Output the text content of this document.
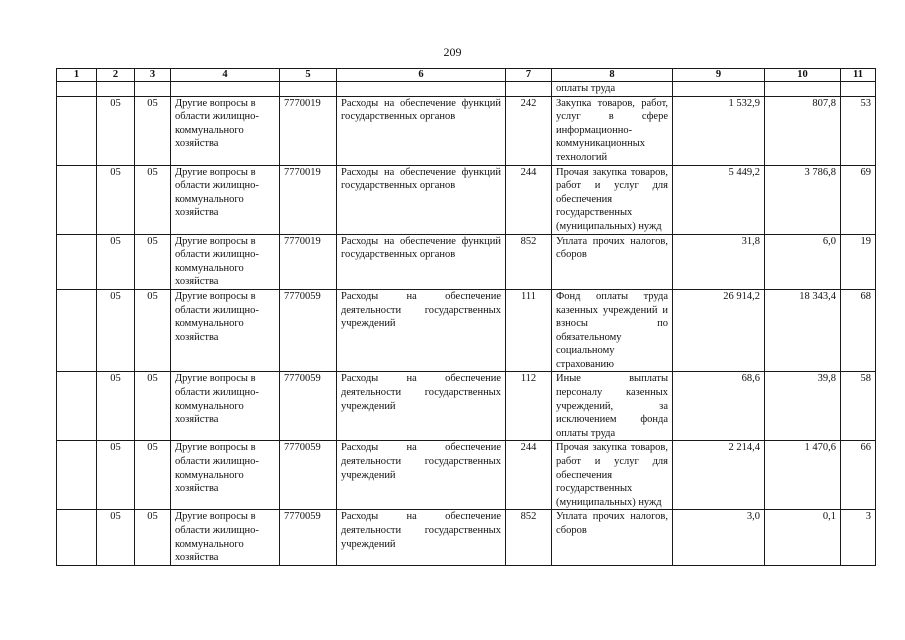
209
1	2	3	4	5	6	7	8	9	10	11
							оплаты труда			
	05	05	Другие вопросы в области жилищно-коммунального хозяйства	7770019	Расходы на обеспечение функций государственных органов	242	Закупка товаров, работ, услуг в сфере информационно-коммуникационных технологий	1 532,9	807,8	53
	05	05	Другие вопросы в области жилищно-коммунального хозяйства	7770019	Расходы на обеспечение функций государственных органов	244	Прочая закупка товаров, работ и услуг для обеспечения государственных (муниципальных) нужд	5 449,2	3 786,8	69
	05	05	Другие вопросы в области жилищно-коммунального хозяйства	7770019	Расходы на обеспечение функций государственных органов	852	Уплата прочих налогов, сборов	31,8	6,0	19
	05	05	Другие вопросы в области жилищно-коммунального хозяйства	7770059	Расходы на обеспечение деятельности государственных учреждений	111	Фонд оплаты труда казенных учреждений и взносы по обязательному социальному страхованию	26 914,2	18 343,4	68
	05	05	Другие вопросы в области жилищно-коммунального хозяйства	7770059	Расходы на обеспечение деятельности государственных учреждений	112	Иные выплаты персоналу казенных учреждений, за исключением фонда оплаты труда	68,6	39,8	58
	05	05	Другие вопросы в области жилищно-коммунального хозяйства	7770059	Расходы на обеспечение деятельности государственных учреждений	244	Прочая закупка товаров, работ и услуг для обеспечения государственных (муниципальных) нужд	2 214,4	1 470,6	66
	05	05	Другие вопросы в области жилищно-коммунального хозяйства	7770059	Расходы на обеспечение деятельности государственных учреждений	852	Уплата прочих налогов, сборов	3,0	0,1	3
